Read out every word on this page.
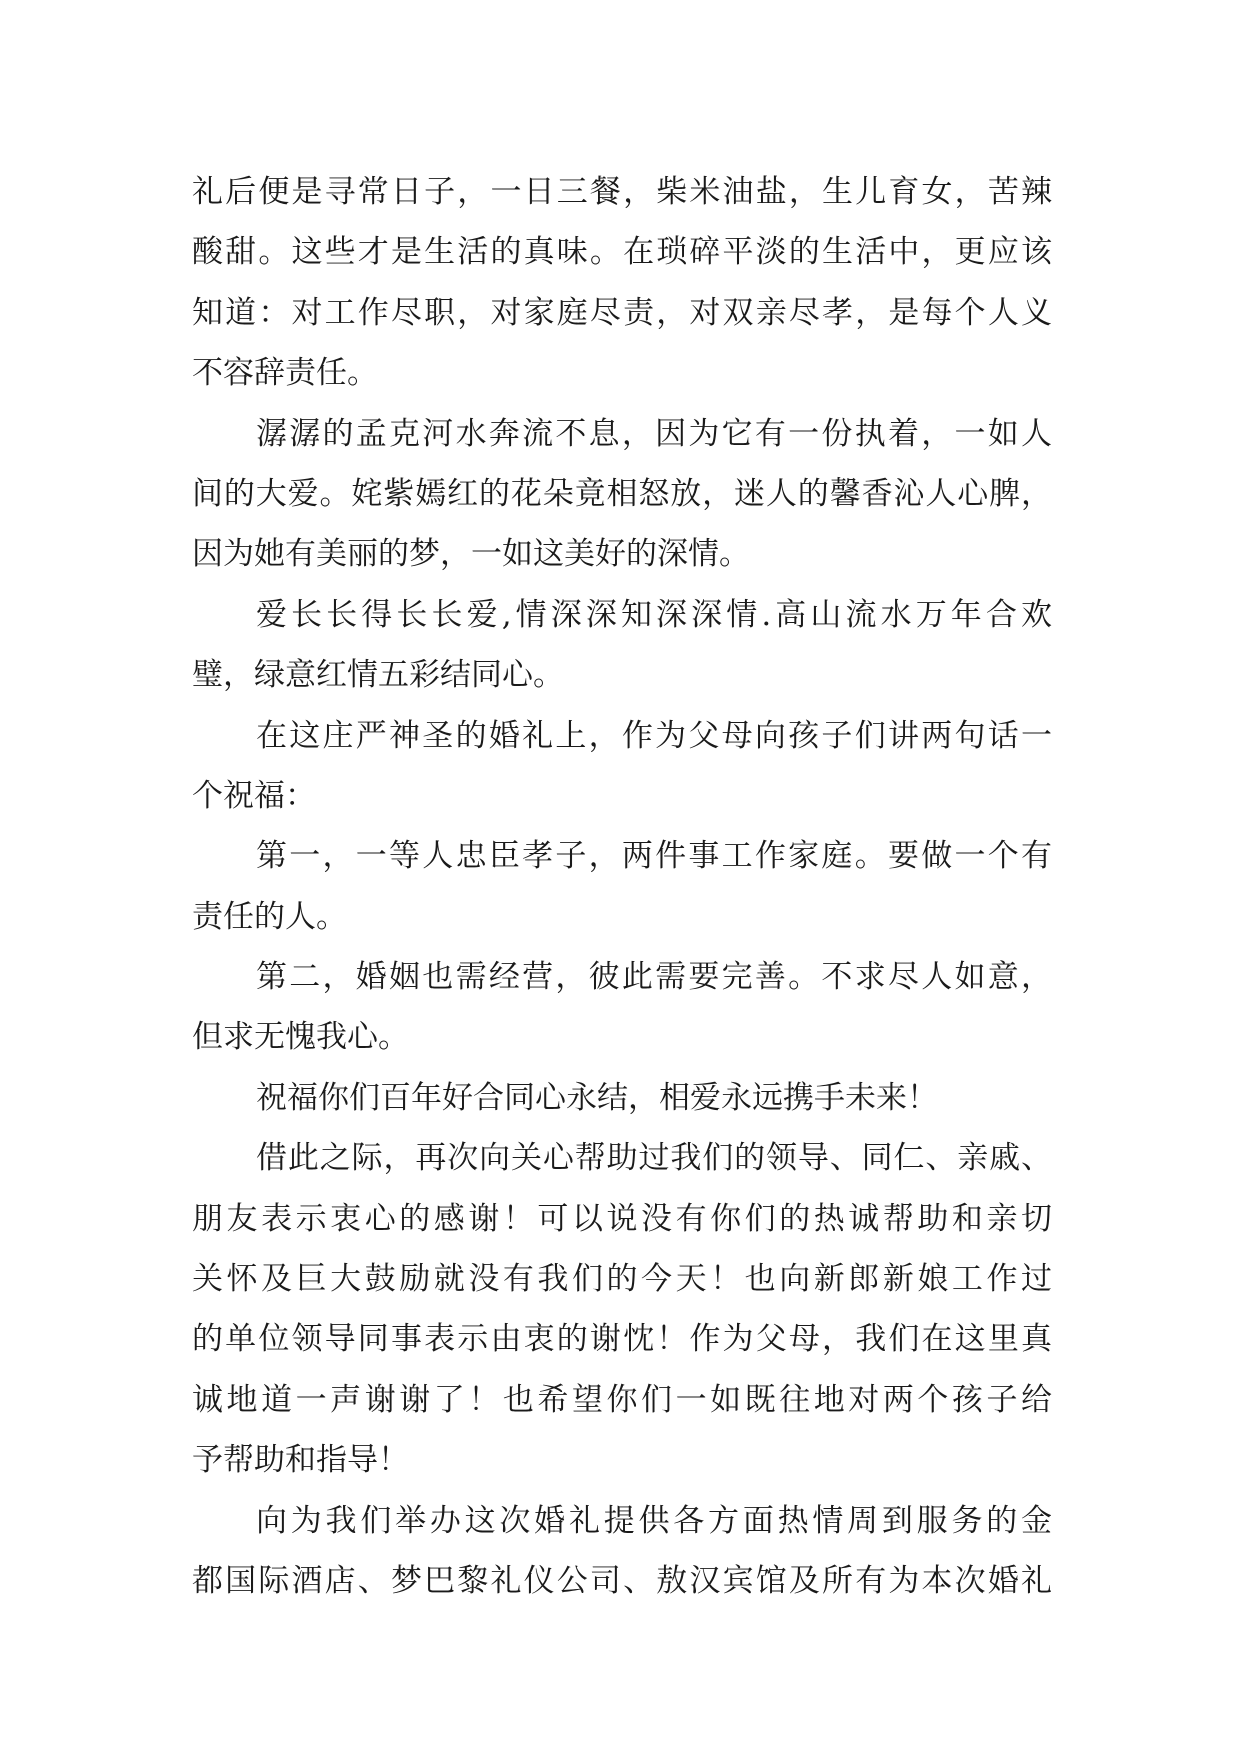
礼后便是寻常日子，一日三餐，柴米油盐，生儿育女，苦辣
酸甜。这些才是生活的真味。在琐碎平淡的生活中，更应该
知道：对工作尽职，对家庭尽责，对双亲尽孝，是每个人义
不容辞责任。
潺潺的孟克河水奔流不息，因为它有一份执着，一如人
间的大爱。姹紫嫣红的花朵竟相怒放，迷人的馨香沁人心脾，
因为她有美丽的梦，一如这美好的深情。
爱长长得长长爱,情深深知深深情.高山流水万年合欢
璧，绿意红情五彩结同心。
在这庄严神圣的婚礼上，作为父母向孩子们讲两句话一
个祝福：
第一，一等人忠臣孝子，两件事工作家庭。要做一个有
责任的人。
第二，婚姻也需经营，彼此需要完善。不求尽人如意，
但求无愧我心。
祝福你们百年好合同心永结，相爱永远携手未来！
借此之际，再次向关心帮助过我们的领导、同仁、亲戚、
朋友表示衷心的感谢！可以说没有你们的热诚帮助和亲切
关怀及巨大鼓励就没有我们的今天！也向新郎新娘工作过
的单位领导同事表示由衷的谢忱！作为父母，我们在这里真
诚地道一声谢谢了！也希望你们一如既往地对两个孩子给
予帮助和指导！
向为我们举办这次婚礼提供各方面热情周到服务的金
都国际酒店、梦巴黎礼仪公司、敖汉宾馆及所有为本次婚礼
